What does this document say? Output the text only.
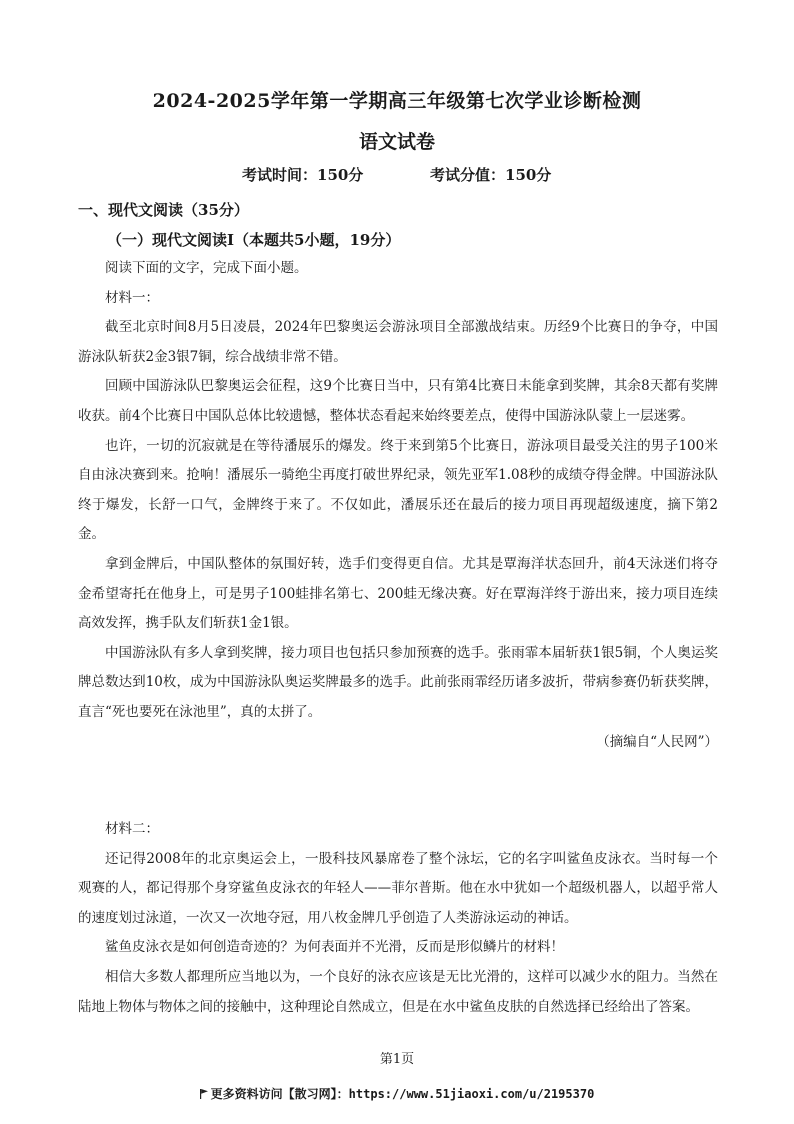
2024-2025学年第一学期高三年级第七次学业诊断检测
语文试卷
考试时间：150分	考试分值：150分
一、现代文阅读（35分）
（一）现代文阅读Ⅰ（本题共5小题，19分）

阅读下面的文字，完成下面小题。

材料一：

截至北京时间8月5日凌晨，2024年巴黎奥运会游泳项目全部激战结束。历经9个比赛日的争夺，中国游泳队斩获2金3银7铜，综合战绩非常不错。

回顾中国游泳队巴黎奥运会征程，这9个比赛日当中，只有第4比赛日未能拿到奖牌，其余8天都有奖牌收获。前4个比赛日中国队总体比较遗憾，整体状态看起来始终要差点，使得中国游泳队蒙上一层迷雾。

也许，一切的沉寂就是在等待潘展乐的爆发。终于来到第5个比赛日，游泳项目最受关注的男子100米自由泳决赛到来。抢响！潘展乐一骑绝尘再度打破世界纪录，领先亚军1.08秒的成绩夺得金牌。中国游泳队终于爆发，长舒一口气，金牌终于来了。不仅如此，潘展乐还在最后的接力项目再现超级速度，摘下第2金。

拿到金牌后，中国队整体的氛围好转，选手们变得更自信。尤其是覃海洋状态回升，前4天泳迷们将夺金希望寄托在他身上，可是男子100蛙排名第七、200蛙无缘决赛。好在覃海洋终于游出来，接力项目连续高效发挥，携手队友们斩获1金1银。

中国游泳队有多人拿到奖牌，接力项目也包括只参加预赛的选手。张雨霏本届斩获1银5铜，个人奥运奖牌总数达到10枚，成为中国游泳队奥运奖牌最多的选手。此前张雨霏经历诸多波折，带病参赛仍斩获奖牌，直言“死也要死在泳池里”，真的太拼了。

（摘编自“人民网”）

材料二：

还记得2008年的北京奥运会上，一股科技风暴席卷了整个泳坛，它的名字叫鲨鱼皮泳衣。当时每一个观赛的人，都记得那个身穿鲨鱼皮泳衣的年轻人——菲尔普斯。他在水中犹如一个超级机器人，以超乎常人的速度划过泳道，一次又一次地夺冠，用八枚金牌几乎创造了人类游泳运动的神话。

鲨鱼皮泳衣是如何创造奇迹的？为何表面并不光滑，反而是形似鳞片的材料！

相信大多数人都理所应当地以为，一个良好的泳衣应该是无比光滑的，这样可以减少水的阻力。当然在陆地上物体与物体之间的接触中，这种理论自然成立，但是在水中鲨鱼皮肤的自然选择已经给出了答案。

第1页
更多资料访问【散习网】：https://www.51jiaoxi.com/u/2195370
